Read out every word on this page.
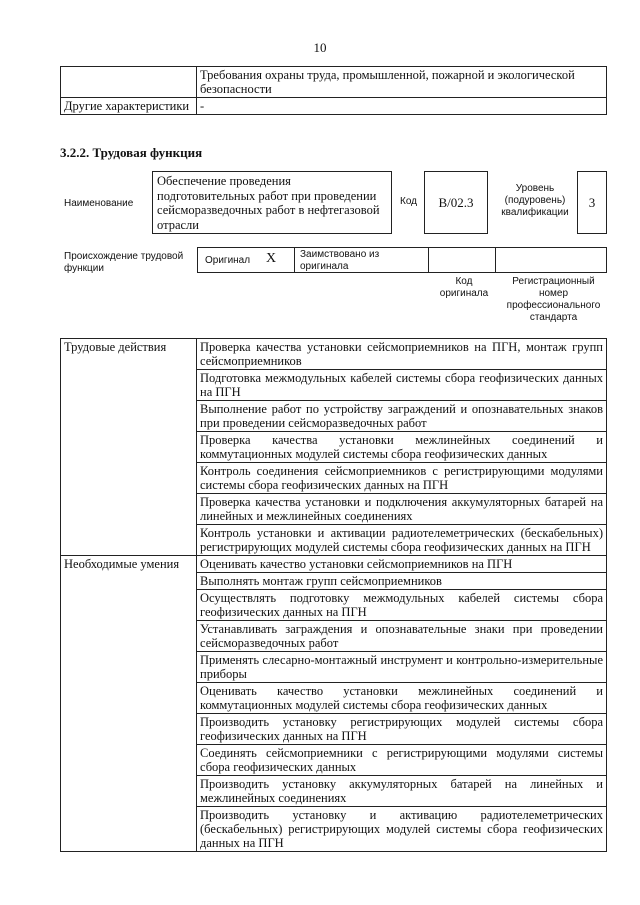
10
	Требования охраны труда, промышленной, пожарной и экологической безопасности
Другие характеристики	-
3.2.2. Трудовая функция
Наименование
Обеспечение проведения подготовительных работ при проведении сейсморазведочных работ в нефтегазовой отрасли
Код	B/02.3
Уровень (подуровень) квалификации
3
Происхождение трудовой функции
Оригинал X Заимствовано из оригинала
Код оригинала
Регистрационный номер профессионального стандарта
Трудовые действия	Проверка качества установки сейсмоприемников на ПГН, монтаж групп сейсмоприемников
	Подготовка межмодульных кабелей системы сбора геофизических данных на ПГН
	Выполнение работ по устройству заграждений и опознавательных знаков при проведении сейсморазведочных работ
	Проверка качества установки межлинейных соединений и коммутационных модулей системы сбора геофизических данных
	Контроль соединения сейсмоприемников с регистрирующими модулями системы сбора геофизических данных на ПГН
	Проверка качества установки и подключения аккумуляторных батарей на линейных и межлинейных соединениях
	Контроль установки и активации радиотелеметрических (бескабельных) регистрирующих модулей системы сбора геофизических данных на ПГН
Необходимые умения	Оценивать качество установки сейсмоприемников на ПГН
	Выполнять монтаж групп сейсмоприемников
	Осуществлять подготовку межмодульных кабелей системы сбора геофизических данных на ПГН
	Устанавливать заграждения и опознавательные знаки при проведении сейсморазведочных работ
	Применять слесарно-монтажный инструмент и контрольно-измерительные приборы
	Оценивать качество установки межлинейных соединений и коммутационных модулей системы сбора геофизических данных
	Производить установку регистрирующих модулей системы сбора геофизических данных на ПГН
	Соединять сейсмоприемники с регистрирующими модулями системы сбора геофизических данных
	Производить установку аккумуляторных батарей на линейных и межлинейных соединениях
	Производить установку и активацию радиотелеметрических (бескабельных) регистрирующих модулей системы сбора геофизических данных на ПГН
